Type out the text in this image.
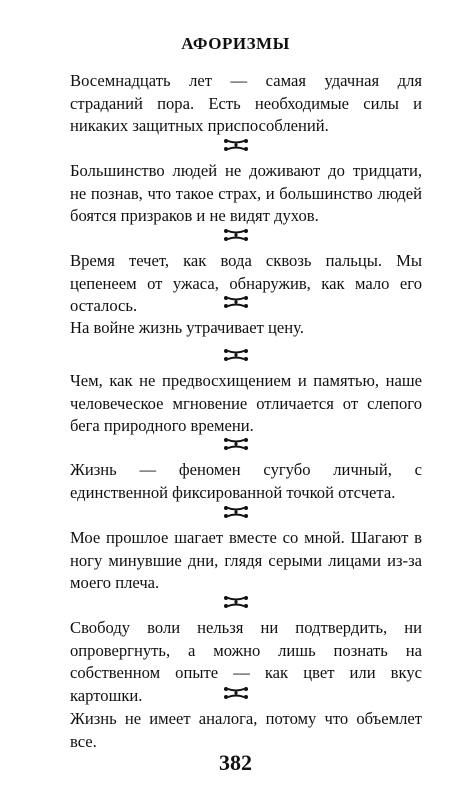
АФОРИЗМЫ
Восемнадцать лет — самая удачная для страданий пора. Есть необходимые силы и никаких защитных приспособлений.
Большинство людей не доживают до тридцати, не познав, что такое страх, и большинство людей боятся призраков и не видят духов.
Время течет, как вода сквозь пальцы. Мы цепенеем от ужаса, обнаружив, как мало его осталось.
На войне жизнь утрачивает цену.
Чем, как не предвосхищением и памятью, наше человеческое мгновение отличается от слепого бега природного времени.
Жизнь — феномен сугубо личный, с единственной фиксированной точкой отсчета.
Мое прошлое шагает вместе со мной. Шагают в ногу минувшие дни, глядя серыми лицами из-за моего плеча.
Свободу воли нельзя ни подтвердить, ни опровергнуть, а можно лишь познать на собственном опыте — как цвет или вкус картошки.
Жизнь не имеет аналога, потому что объемлет все.
382
